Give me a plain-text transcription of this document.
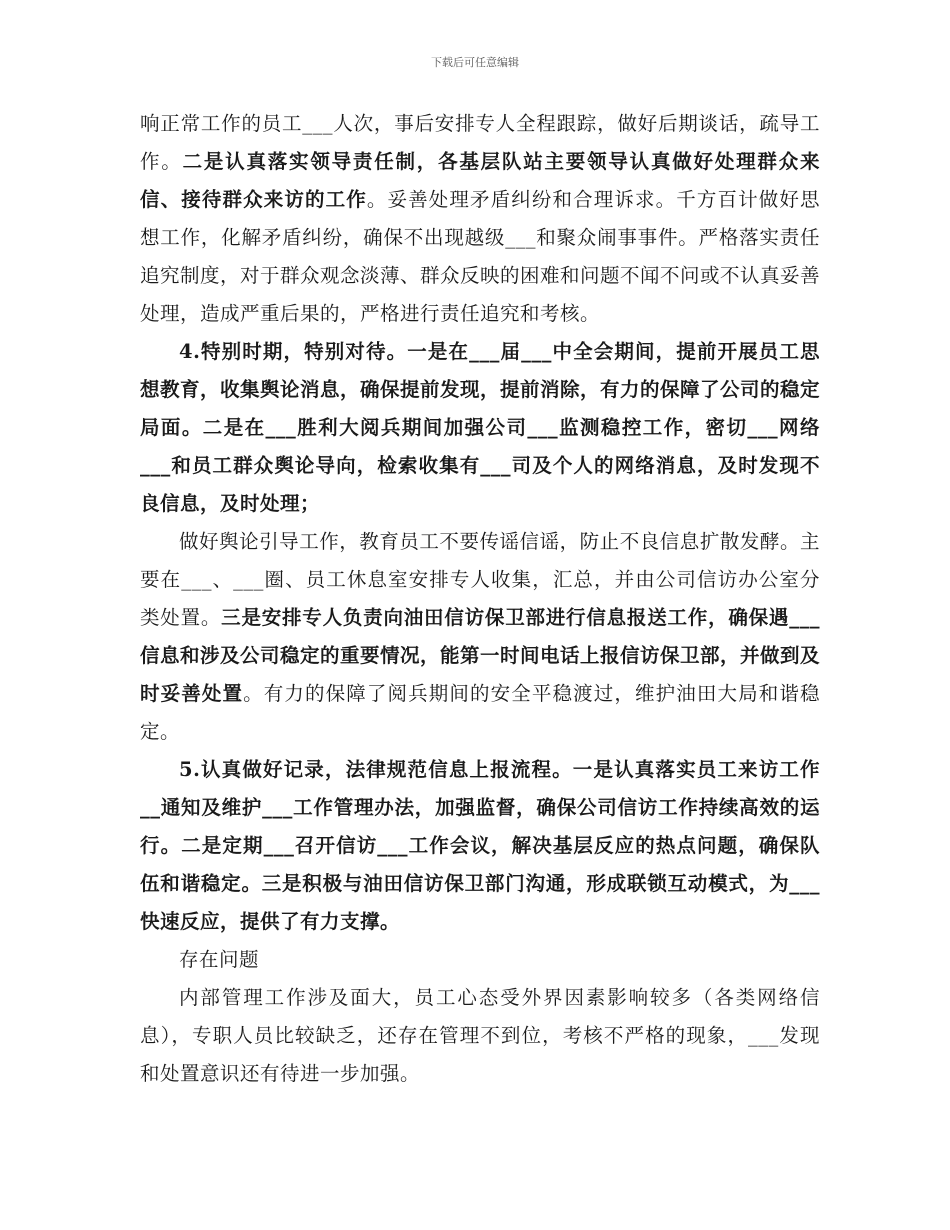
下载后可任意编辑

响正常工作的员工___人次，事后安排专人全程跟踪，做好后期谈话，疏导工作。二是认真落实领导责任制，各基层队站主要领导认真做好处理群众来信、接待群众来访的工作。妥善处理矛盾纠纷和合理诉求。千方百计做好思想工作，化解矛盾纠纷，确保不出现越级___和聚众闹事事件。严格落实责任追究制度，对于群众观念淡薄、群众反映的困难和问题不闻不问或不认真妥善处理，造成严重后果的，严格进行责任追究和考核。

4.特别时期，特别对待。一是在___届___中全会期间，提前开展员工思想教育，收集舆论消息，确保提前发现，提前消除，有力的保障了公司的稳定局面。二是在___胜利大阅兵期间加强公司___监测稳控工作，密切___网络___和员工群众舆论导向，检索收集有___司及个人的网络消息，及时发现不良信息，及时处理；

做好舆论引导工作，教育员工不要传谣信谣，防止不良信息扩散发酵。主要在___、___圈、员工休息室安排专人收集，汇总，并由公司信访办公室分类处置。三是安排专人负责向油田信访保卫部进行信息报送工作，确保遇___信息和涉及公司稳定的重要情况，能第一时间电话上报信访保卫部，并做到及时妥善处置。有力的保障了阅兵期间的安全平稳渡过，维护油田大局和谐稳定。

5.认真做好记录，法律规范信息上报流程。一是认真落实员工来访工作__通知及维护___工作管理办法，加强监督，确保公司信访工作持续高效的运行。二是定期___召开信访___工作会议，解决基层反应的热点问题，确保队伍和谐稳定。三是积极与油田信访保卫部门沟通，形成联锁互动模式，为___快速反应，提供了有力支撑。

存在问题

内部管理工作涉及面大，员工心态受外界因素影响较多（各类网络信息），专职人员比较缺乏，还存在管理不到位，考核不严格的现象，___发现和处置意识还有待进一步加强。
